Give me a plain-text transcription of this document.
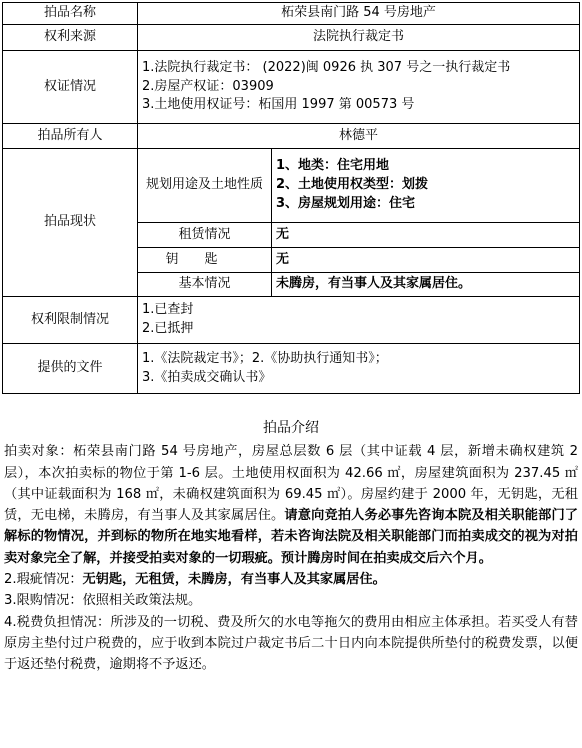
拍品名称	柘荣县南门路 54 号房地产	
权利来源	法院执行裁定书	
权证情况	1.法院执行裁定书： (2022)闽 0926 执 307 号之一执行裁定书
2.房屋产权证：03909
3.土地使用权证号：柘国用 1997 第 00573 号	

拍品所有人	林德平	
拍品现状	规划用途及土地性质	1、地类：住宅用地
2、土地使用权类型：划拨
3、房屋规划用途：住宅

	租赁情况	无
	钥匙	无
	基本情况	未腾房，有当事人及其家属居住。
权利限制情况	1.已查封
2.已抵押	

提供的文件	1.《法院裁定书》；2.《协助执行通知书》；
3.《拍卖成交确认书》	

拍品介绍

拍卖对象：柘荣县南门路 54 号房地产，房屋总层数 6 层（其中证载 4 层，新增未确权建筑 2 层），本次拍卖标的物位于第 1-6 层。土地使用权面积为 42.66 ㎡，房屋建筑面积为 237.45 ㎡（其中证载面积为 168 ㎡，未确权建筑面积为 69.45 ㎡）。房屋约建于 2000 年，无钥匙，无租赁，无电梯，未腾房，有当事人及其家属居住。请意向竞拍人务必事先咨询本院及相关职能部门了解标的物情况，并到标的物所在地实地看样，若未咨询法院及相关职能部门而拍卖成交的视为对拍卖对象完全了解，并接受拍卖对象的一切瑕疵。预计腾房时间在拍卖成交后六个月。

2.瑕疵情况：无钥匙，无租赁，未腾房，有当事人及其家属居住。

3.限购情况：依照相关政策法规。

4.税费负担情况：所涉及的一切税、费及所欠的水电等拖欠的费用由相应主体承担。若买受人有替原房主垫付过户税费的，应于收到本院过户裁定书后二十日内向本院提供所垫付的税费发票，以便于返还垫付税费，逾期将不予返还。
